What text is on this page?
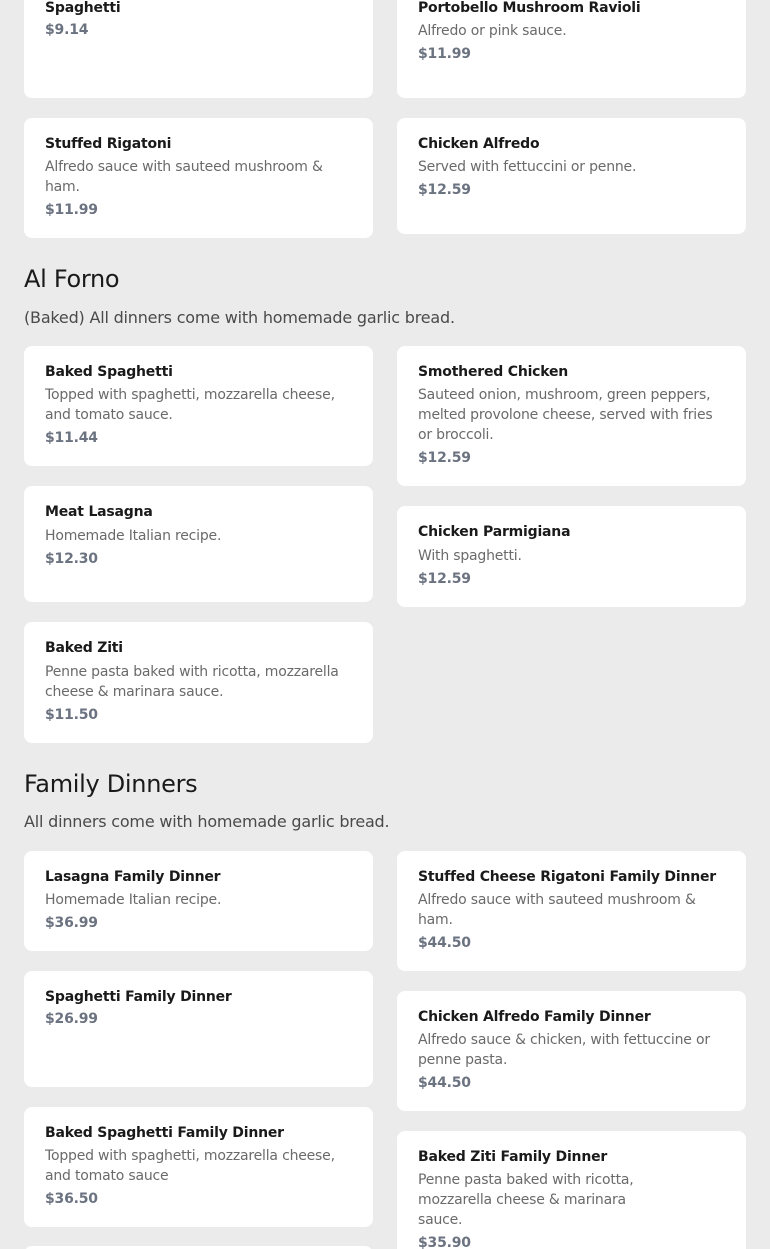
Spaghetti
$9.14
Portobello Mushroom Ravioli
Alfredo or pink sauce.
$11.99
Stuffed Rigatoni
Alfredo sauce with sauteed mushroom & ham.
$11.99
Chicken Alfredo
Served with fettuccini or penne.
$12.59
Al Forno

(Baked) All dinners come with homemade garlic bread.

Baked Spaghetti
Topped with spaghetti, mozzarella cheese, and tomato sauce.
$11.44
Smothered Chicken
Sauteed onion, mushroom, green peppers, melted provolone cheese, served with fries or broccoli.
$12.59
Meat Lasagna
Homemade Italian recipe.
$12.30
Chicken Parmigiana
With spaghetti.
$12.59
Baked Ziti
Penne pasta baked with ricotta, mozzarella cheese & marinara sauce.
$11.50
Family Dinners

All dinners come with homemade garlic bread.

Lasagna Family Dinner
Homemade Italian recipe.
$36.99
Stuffed Cheese Rigatoni Family Dinner
Alfredo sauce with sauteed mushroom & ham.
$44.50
Spaghetti Family Dinner
$26.99	Chicken Alfredo Family Dinner
Alfredo sauce & chicken, with fettuccine or penne pasta.
$44.50
Baked Spaghetti Family Dinner
Topped with spaghetti, mozzarella cheese, and tomato sauce
$36.50
Baked Ziti Family Dinner
Penne pasta baked with ricotta, mozzarella cheese & marinara sauce.
$35.90
